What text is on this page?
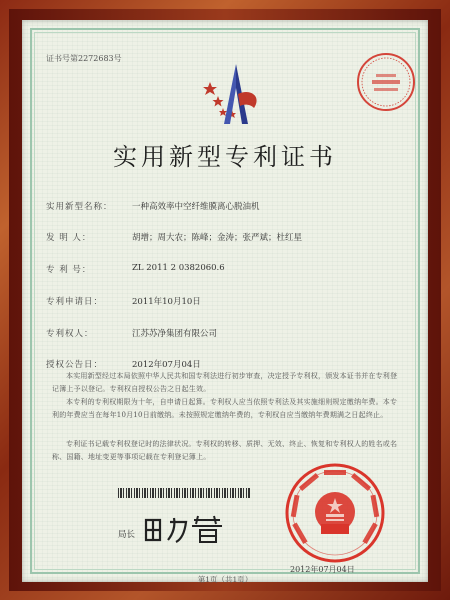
证书号第2272683号
实用新型专利证书
实用新型名称： 一种高效率中空纤维膜离心脱油机
发 明 人：	胡增；周大农；陈峰；金涛；张严斌；杜红星
专 利 号：	ZL 2011 2 0382060.6
专利申请日：	2011年10月10日
专利权人：	江苏苏净集团有限公司
授权公告日：	2012年07月04日
本实用新型经过本局依照中华人民共和国专利法进行初步审查，决定授予专利权，颁发本证书并在专利登记簿上予以登记。专利权自授权公告之日起生效。
本专利的专利权期限为十年，自申请日起算。专利权人应当依照专利法及其实施细则规定缴纳年费。本专利的年费应当在每年10月10日前缴纳。未按照规定缴纳年费的，专利权自应当缴纳年费期满之日起终止。
专利证书记载专利权登记时的法律状况。专利权的转移、质押、无效、终止、恢复和专利权人的姓名或名称、国籍、地址变更等事项记载在专利登记簿上。
局长
2012年07月04日
第1页（共1页）
